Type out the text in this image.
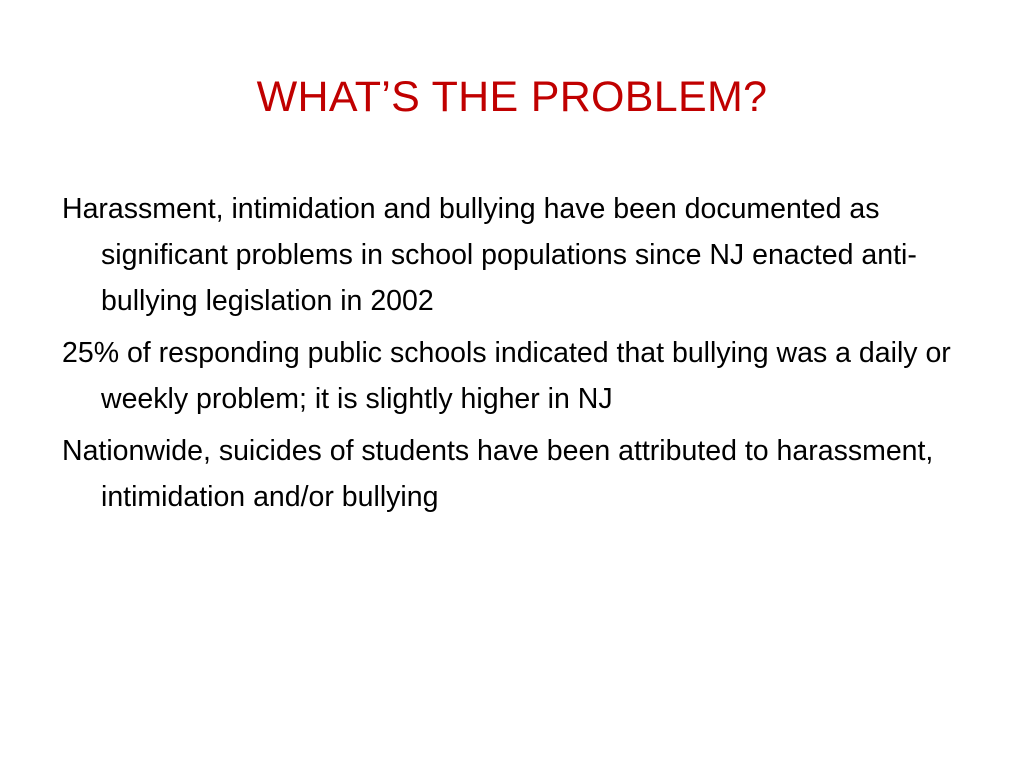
WHAT’S THE PROBLEM?

Harassment, intimidation and bullying have been documented as significant problems in school populations since NJ enacted anti-bullying legislation in 2002

25% of responding public schools indicated that bullying was a daily or weekly problem; it is slightly higher in NJ

Nationwide, suicides of students have been attributed to harassment, intimidation and/or bullying
